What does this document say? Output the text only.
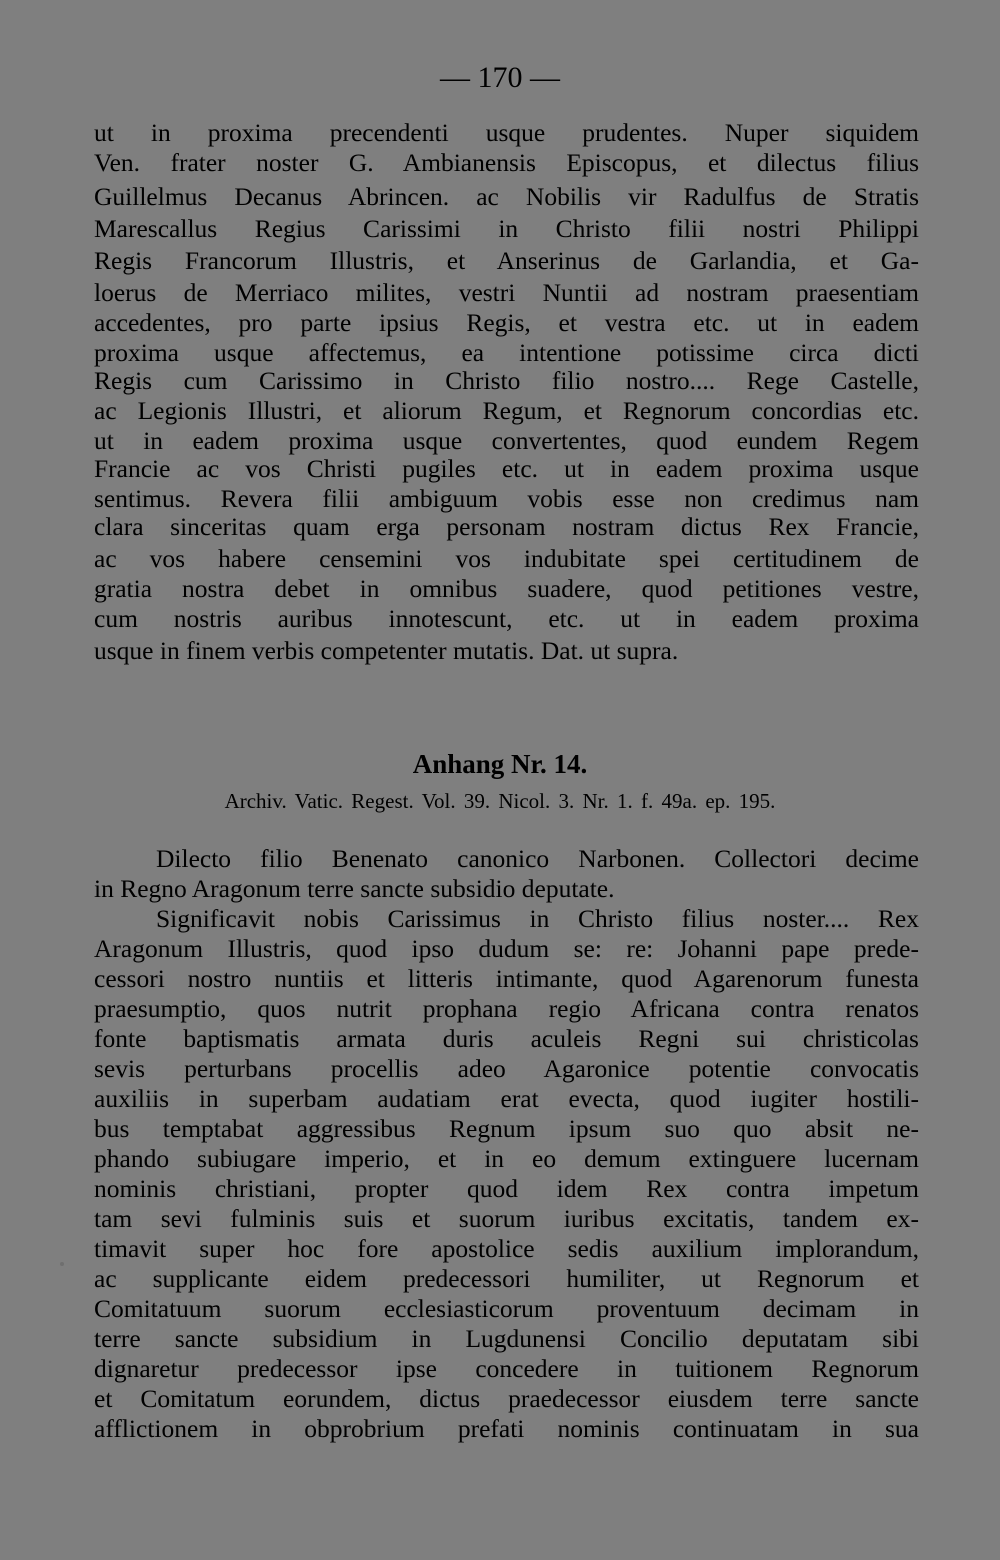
— 170 —
ut in proxima precendenti usque prudentes. Nuper siquidem
Ven. frater noster G. Ambianensis Episcopus, et dilectus filius
Guillelmus Decanus Abrincen. ac Nobilis vir Radulfus de Stratis
Marescallus Regius Carissimi in Christo filii nostri Philippi
Regis Francorum Illustris, et Anserinus de Garlandia, et Ga-
loerus de Merriaco milites, vestri Nuntii ad nostram praesentiam
accedentes, pro parte ipsius Regis, et vestra etc. ut in eadem
proxima usque affectemus, ea intentione potissime circa dicti
Regis cum Carissimo in Christo filio nostro.... Rege Castelle,
ac Legionis Illustri, et aliorum Regum, et Regnorum concordias etc.
ut in eadem proxima usque convertentes, quod eundem Regem
Francie ac vos Christi pugiles etc. ut in eadem proxima usque
sentimus. Revera filii ambiguum vobis esse non credimus nam
clara sinceritas quam erga personam nostram dictus Rex Francie,
ac vos habere censemini vos indubitate spei certitudinem de
gratia nostra debet in omnibus suadere, quod petitiones vestre,
cum nostris auribus innotescunt, etc. ut in eadem proxima
usque in finem verbis competenter mutatis. Dat. ut supra.
Anhang Nr. 14.
Archiv. Vatic. Regest. Vol. 39. Nicol. 3. Nr. 1. f. 49a. ep. 195.
Dilecto filio Benenato canonico Narbonen. Collectori decime
in Regno Aragonum terre sancte subsidio deputate.
Significavit nobis Carissimus in Christo filius noster.... Rex
Aragonum Illustris, quod ipso dudum se: re: Johanni pape prede-
cessori nostro nuntiis et litteris intimante, quod Agarenorum funesta
praesumptio, quos nutrit prophana regio Africana contra renatos
fonte baptismatis armata duris aculeis Regni sui christicolas
sevis perturbans procellis adeo Agaronice potentie convocatis
auxiliis in superbam audatiam erat evecta, quod iugiter hostili-
bus temptabat aggressibus Regnum ipsum suo quo absit ne-
phando subiugare imperio, et in eo demum extinguere lucernam
nominis christiani, propter quod idem Rex contra impetum
tam sevi fulminis suis et suorum iuribus excitatis, tandem ex-
timavit super hoc fore apostolice sedis auxilium implorandum,
ac supplicante eidem predecessori humiliter, ut Regnorum et
Comitatuum suorum ecclesiasticorum proventuum decimam in
terre sancte subsidium in Lugdunensi Concilio deputatam sibi
dignaretur predecessor ipse concedere in tuitionem Regnorum
et Comitatum eorundem, dictus praedecessor eiusdem terre sancte
afflictionem in obprobrium prefati nominis continuatam in sua
